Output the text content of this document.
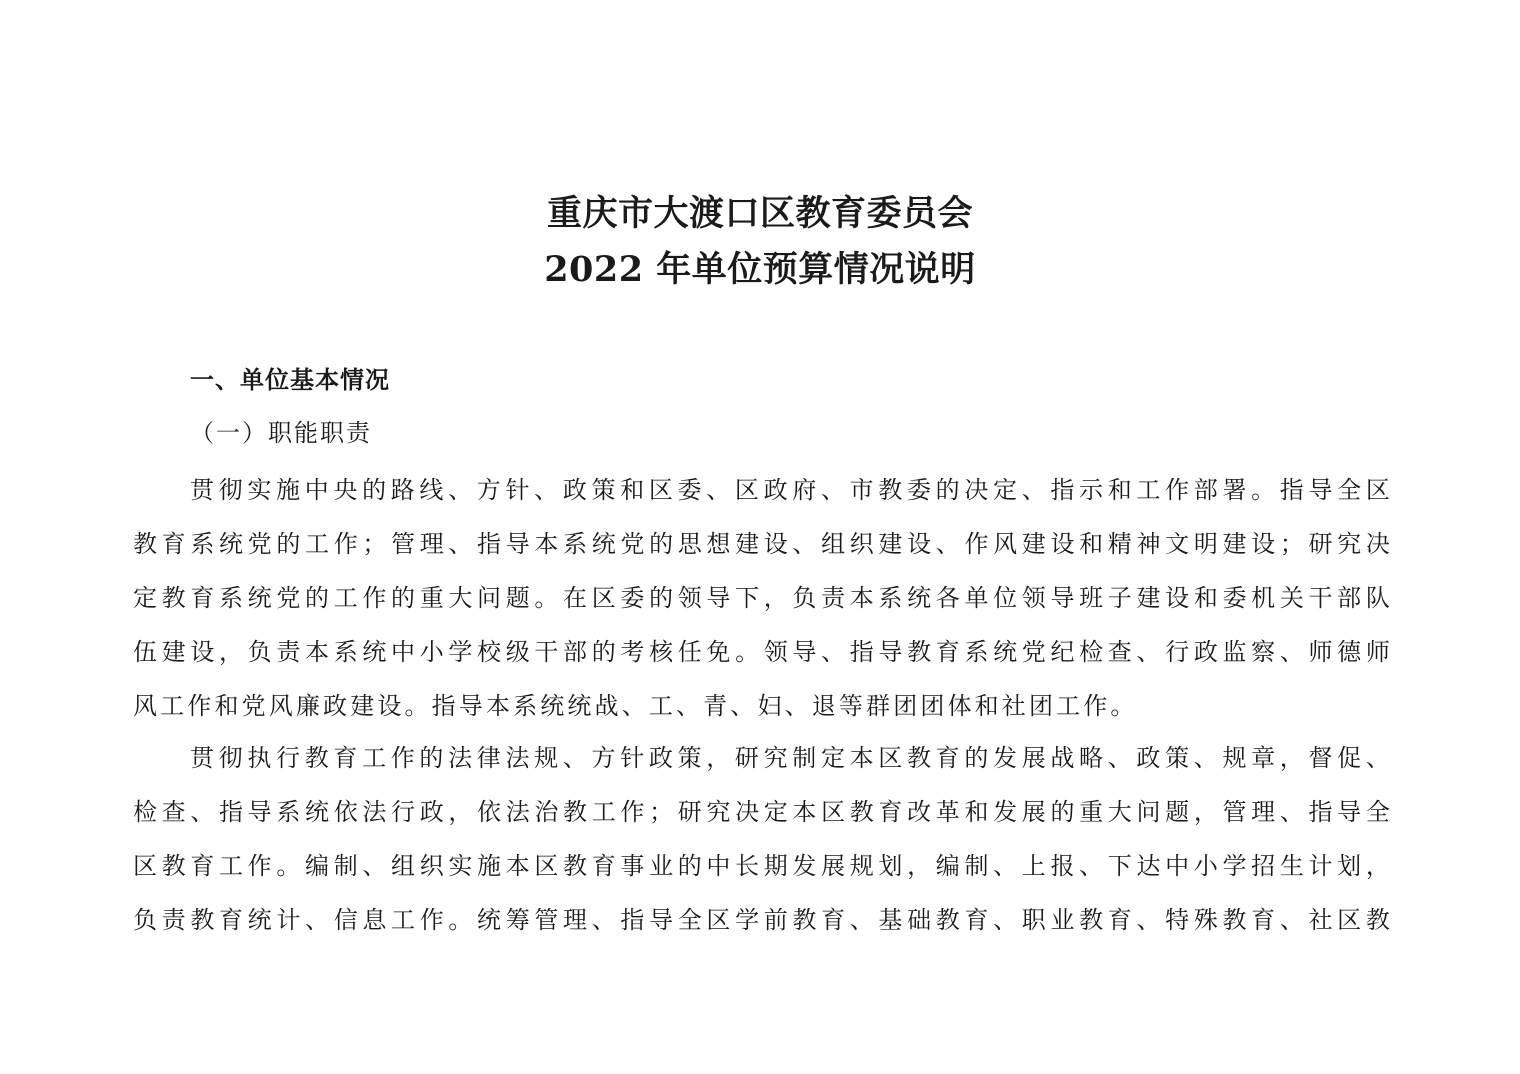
重庆市大渡口区教育委员会
2022 年单位预算情况说明
一、单位基本情况
（一）职能职责
贯彻实施中央的路线、方针、政策和区委、区政府、市教委的决定、指示和工作部署。指导全区
教育系统党的工作；管理、指导本系统党的思想建设、组织建设、作风建设和精神文明建设；研究决
定教育系统党的工作的重大问题。在区委的领导下，负责本系统各单位领导班子建设和委机关干部队
伍建设，负责本系统中小学校级干部的考核任免。领导、指导教育系统党纪检查、行政监察、师德师
风工作和党风廉政建设。指导本系统统战、工、青、妇、退等群团团体和社团工作。
贯彻执行教育工作的法律法规、方针政策，研究制定本区教育的发展战略、政策、规章，督促、
检查、指导系统依法行政，依法治教工作；研究决定本区教育改革和发展的重大问题，管理、指导全
区教育工作。编制、组织实施本区教育事业的中长期发展规划，编制、上报、下达中小学招生计划，
负责教育统计、信息工作。统筹管理、指导全区学前教育、基础教育、职业教育、特殊教育、社区教
